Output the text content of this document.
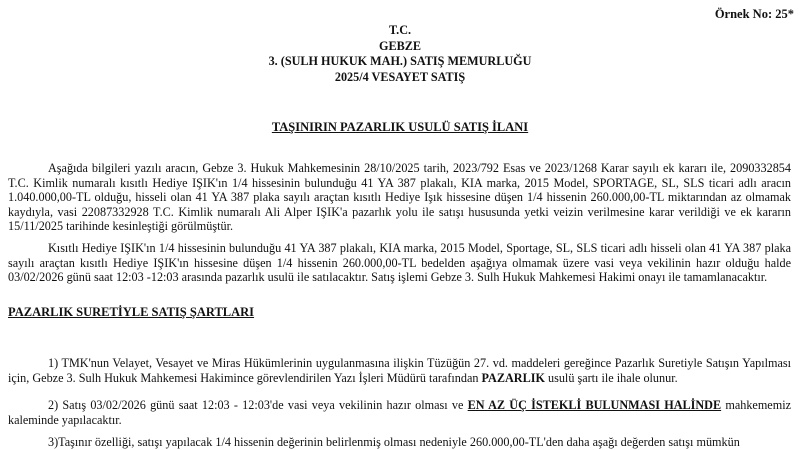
Örnek No: 25*
T.C.
GEBZE
3. (SULH HUKUK MAH.) SATIŞ MEMURLUĞU
2025/4 VESAYET SATIŞ
TAŞINIRIN PAZARLIK USULÜ SATIŞ İLANI
Aşağıda bilgileri yazılı aracın, Gebze 3. Hukuk Mahkemesinin 28/10/2025 tarih, 2023/792 Esas ve 2023/1268 Karar sayılı ek kararı ile, 2090332854 T.C. Kimlik numaralı kısıtlı Hediye IŞIK'ın 1/4 hissesinin bulunduğu 41 YA 387 plakalı, KIA marka, 2015 Model, SPORTAGE, SL, SLS ticari adlı aracın 1.040.000,00-TL olduğu, hisseli olan 41 YA 387 plaka sayılı araçtan kısıtlı Hediye Işık hissesine düşen 1/4 hissenin 260.000,00-TL miktarından az olmamak kaydıyla, vasi 22087332928 T.C. Kimlik numaralı Ali Alper IŞIK'a pazarlık yolu ile satışı hususunda yetki veizin verilmesine karar verildiği ve ek kararın 15/11/2025 tarihinde kesinleştiği görülmüştür.
Kısıtlı Hediye IŞIK'ın 1/4 hissesinin bulunduğu 41 YA 387 plakalı, KIA marka, 2015 Model, Sportage, SL, SLS ticari adlı hisseli olan 41 YA 387 plaka sayılı araçtan kısıtlı Hediye IŞIK'ın hissesine düşen 1/4 hissenin 260.000,00-TL bedelden aşağıya olmamak üzere vasi veya vekilinin hazır olduğu halde 03/02/2026 günü saat 12:03 -12:03 arasında pazarlık usulü ile satılacaktır. Satış işlemi Gebze 3. Sulh Hukuk Mahkemesi Hakimi onayı ile tamamlanacaktır.
PAZARLIK SURETİYLE SATIŞ ŞARTLARI
1) TMK'nun Velayet, Vesayet ve Miras Hükümlerinin uygulanmasına ilişkin Tüzüğün 27. vd. maddeleri gereğince Pazarlık Suretiyle Satışın Yapılması için, Gebze 3. Sulh Hukuk Mahkemesi Hakimince görevlendirilen Yazı İşleri Müdürü tarafından PAZARLIK usulü şartı ile ihale olunur.
2) Satış 03/02/2026 günü saat 12:03 - 12:03'de vasi veya vekilinin hazır olması ve EN AZ ÜÇ İSTEKLİ BULUNMASI HALİNDE mahkememiz kaleminde yapılacaktır.
3)Taşınır özelliği, satışı yapılacak 1/4 hissenin değerinin belirlenmiş olması nedeniyle 260.000,00-TL'den daha aşağı değerden satışı mümkün
